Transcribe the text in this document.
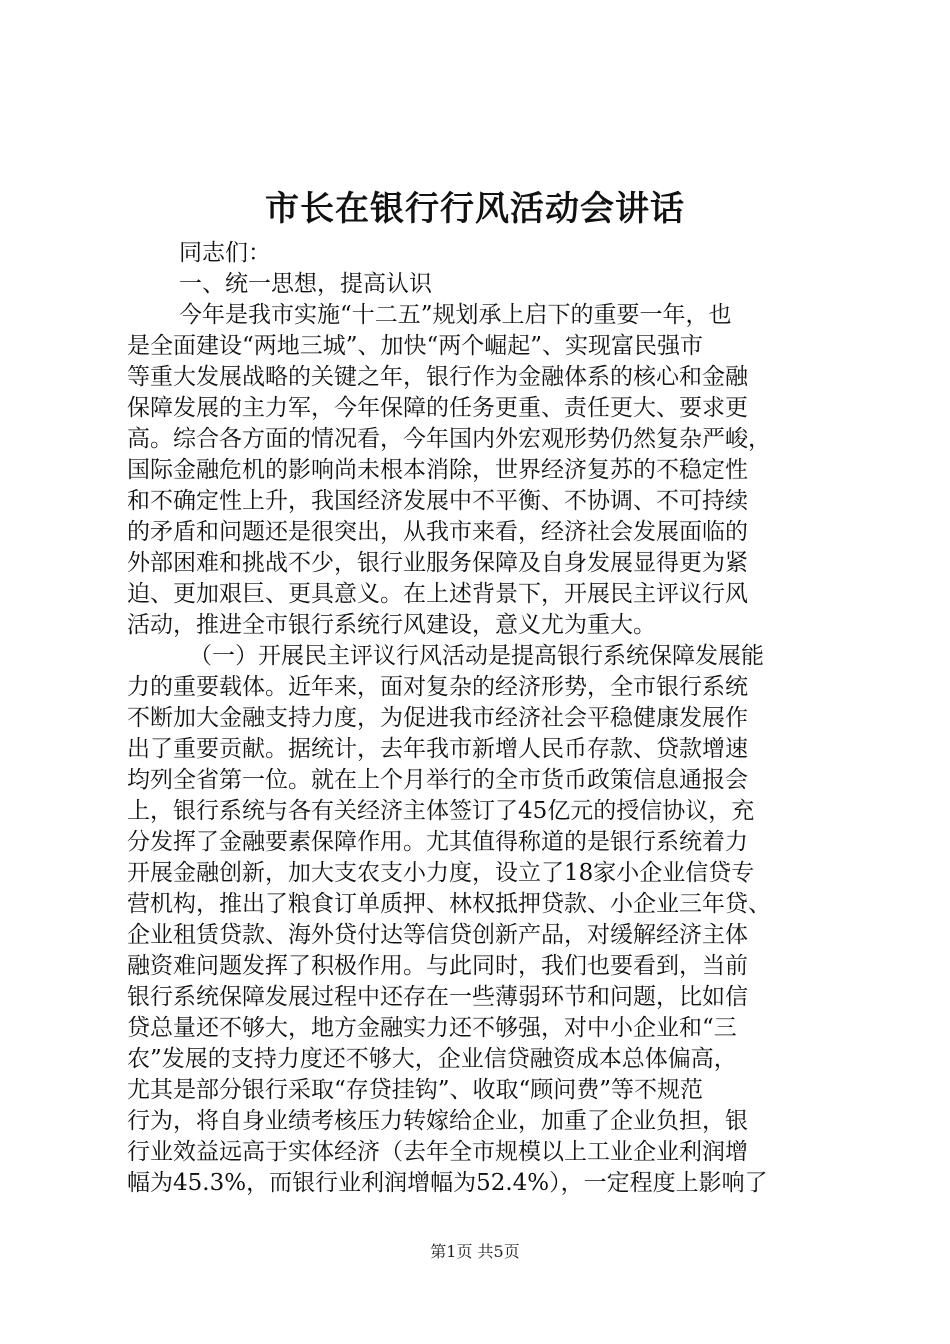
市长在银行行风活动会讲话
同志们：
一、统一思想，提高认识
今年是我市实施“十二五”规划承上启下的重要一年，也
是全面建设“两地三城”、加快“两个崛起”、实现富民强市
等重大发展战略的关键之年，银行作为金融体系的核心和金融
保障发展的主力军，今年保障的任务更重、责任更大、要求更
高。综合各方面的情况看，今年国内外宏观形势仍然复杂严峻，
国际金融危机的影响尚未根本消除，世界经济复苏的不稳定性
和不确定性上升，我国经济发展中不平衡、不协调、不可持续
的矛盾和问题还是很突出，从我市来看，经济社会发展面临的
外部困难和挑战不少，银行业服务保障及自身发展显得更为紧
迫、更加艰巨、更具意义。在上述背景下，开展民主评议行风
活动，推进全市银行系统行风建设，意义尤为重大。
（一）开展民主评议行风活动是提高银行系统保障发展能
力的重要载体。近年来，面对复杂的经济形势，全市银行系统
不断加大金融支持力度，为促进我市经济社会平稳健康发展作
出了重要贡献。据统计，去年我市新增人民币存款、贷款增速
均列全省第一位。就在上个月举行的全市货币政策信息通报会
上，银行系统与各有关经济主体签订了45亿元的授信协议，充
分发挥了金融要素保障作用。尤其值得称道的是银行系统着力
开展金融创新，加大支农支小力度，设立了18家小企业信贷专
营机构，推出了粮食订单质押、林权抵押贷款、小企业三年贷、
企业租赁贷款、海外贷付达等信贷创新产品，对缓解经济主体
融资难问题发挥了积极作用。与此同时，我们也要看到，当前
银行系统保障发展过程中还存在一些薄弱环节和问题，比如信
贷总量还不够大，地方金融实力还不够强，对中小企业和“三
农”发展的支持力度还不够大，企业信贷融资成本总体偏高，
尤其是部分银行采取“存贷挂钩”、收取“顾问费”等不规范
行为，将自身业绩考核压力转嫁给企业，加重了企业负担，银
行业效益远高于实体经济（去年全市规模以上工业企业利润增
幅为45.3%，而银行业利润增幅为52.4%），一定程度上影响了
第1页 共5页
